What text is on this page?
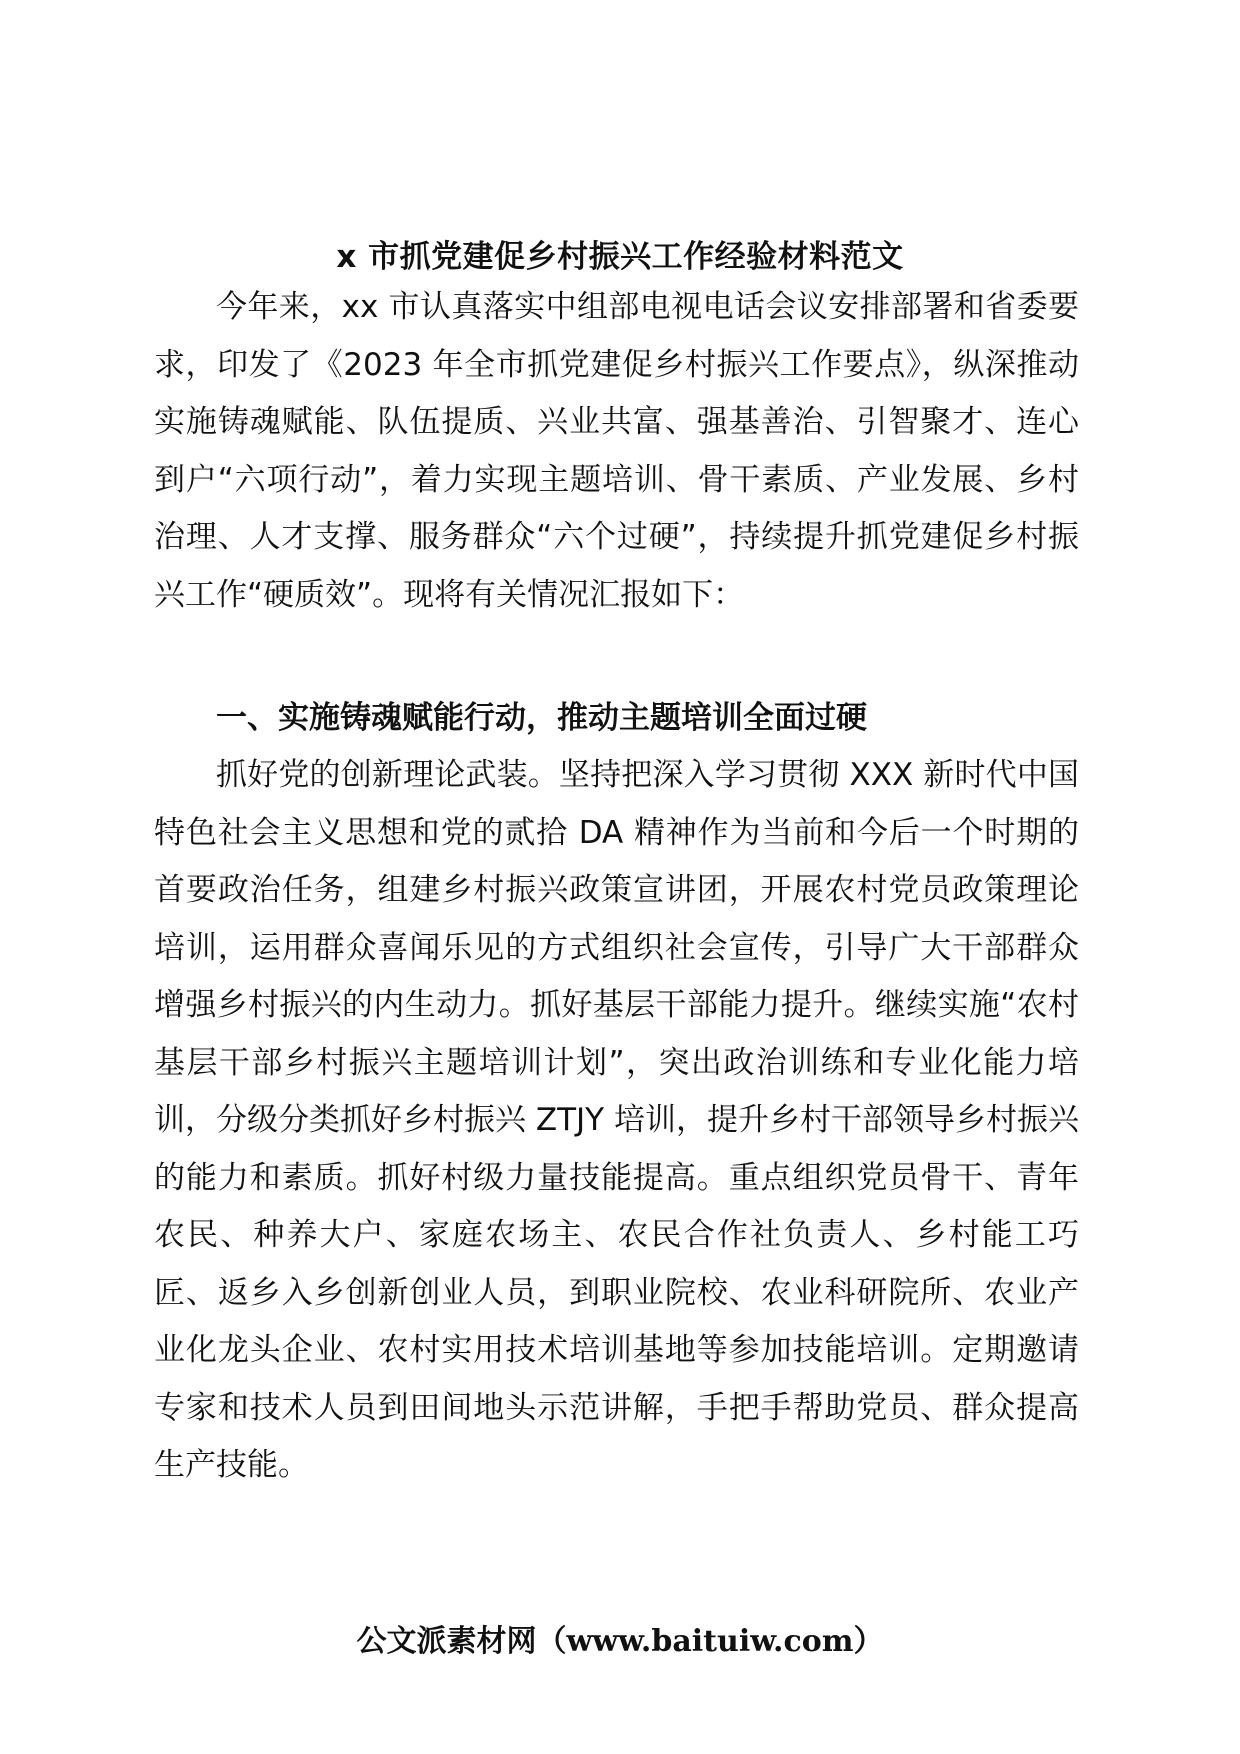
x 市抓党建促乡村振兴工作经验材料范文

今年来，xx 市认真落实中组部电视电话会议安排部署和省委要求，印发了《2023 年全市抓党建促乡村振兴工作要点》，纵深推动实施铸魂赋能、队伍提质、兴业共富、强基善治、引智聚才、连心到户“六项行动”，着力实现主题培训、骨干素质、产业发展、乡村治理、人才支撑、服务群众“六个过硬”，持续提升抓党建促乡村振兴工作“硬质效”。现将有关情况汇报如下：

一、实施铸魂赋能行动，推动主题培训全面过硬

抓好党的创新理论武装。坚持把深入学习贯彻 XXX 新时代中国特色社会主义思想和党的贰拾 DA 精神作为当前和今后一个时期的首要政治任务，组建乡村振兴政策宣讲团，开展农村党员政策理论培训，运用群众喜闻乐见的方式组织社会宣传，引导广大干部群众增强乡村振兴的内生动力。抓好基层干部能力提升。继续实施“农村基层干部乡村振兴主题培训计划”，突出政治训练和专业化能力培训，分级分类抓好乡村振兴 ZTJY 培训，提升乡村干部领导乡村振兴的能力和素质。抓好村级力量技能提高。重点组织党员骨干、青年农民、种养大户、家庭农场主、农民合作社负责人、乡村能工巧匠、返乡入乡创新创业人员，到职业院校、农业科研院所、农业产业化龙头企业、农村实用技术培训基地等参加技能培训。定期邀请专家和技术人员到田间地头示范讲解，手把手帮助党员、群众提高生产技能。

公文派素材网（www.baituiw.com）
